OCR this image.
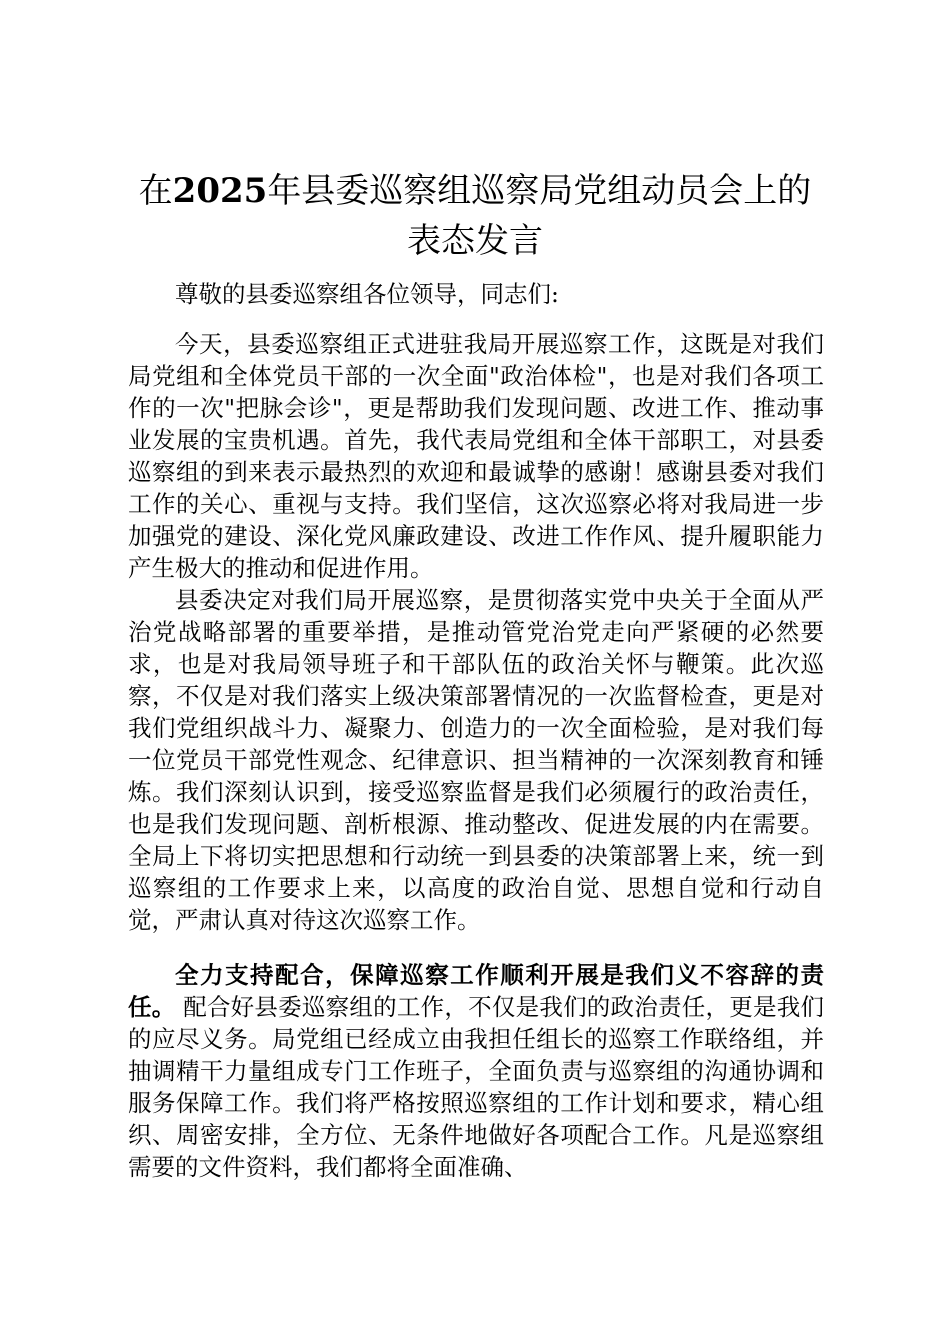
在2025年县委巡察组巡察局党组动员会上的
表态发言

尊敬的县委巡察组各位领导，同志们:

今天，县委巡察组正式进驻我局开展巡察工作，这既是对我们局党组和全体党员干部的一次全面"政治体检"，也是对我们各项工作的一次"把脉会诊"，更是帮助我们发现问题、改进工作、推动事业发展的宝贵机遇。首先，我代表局党组和全体干部职工，对县委巡察组的到来表示最热烈的欢迎和最诚挚的感谢！感谢县委对我们工作的关心、重视与支持。我们坚信，这次巡察必将对我局进一步加强党的建设、深化党风廉政建设、改进工作作风、提升履职能力产生极大的推动和促进作用。

县委决定对我们局开展巡察，是贯彻落实党中央关于全面从严治党战略部署的重要举措，是推动管党治党走向严紧硬的必然要求，也是对我局领导班子和干部队伍的政治关怀与鞭策。此次巡察，不仅是对我们落实上级决策部署情况的一次监督检查，更是对我们党组织战斗力、凝聚力、创造力的一次全面检验，是对我们每一位党员干部党性观念、纪律意识、担当精神的一次深刻教育和锤炼。我们深刻认识到，接受巡察监督是我们必须履行的政治责任，也是我们发现问题、剖析根源、推动整改、促进发展的内在需要。全局上下将切实把思想和行动统一到县委的决策部署上来，统一到巡察组的工作要求上来，以高度的政治自觉、思想自觉和行动自觉，严肃认真对待这次巡察工作。

全力支持配合，保障巡察工作顺利开展是我们义不容辞的责任。 配合好县委巡察组的工作，不仅是我们的政治责任，更是我们的应尽义务。局党组已经成立由我担任组长的巡察工作联络组，并抽调精干力量组成专门工作班子，全面负责与巡察组的沟通协调和服务保障工作。我们将严格按照巡察组的工作计划和要求，精心组织、周密安排，全方位、无条件地做好各项配合工作。凡是巡察组需要的文件资料，我们都将全面准确、
